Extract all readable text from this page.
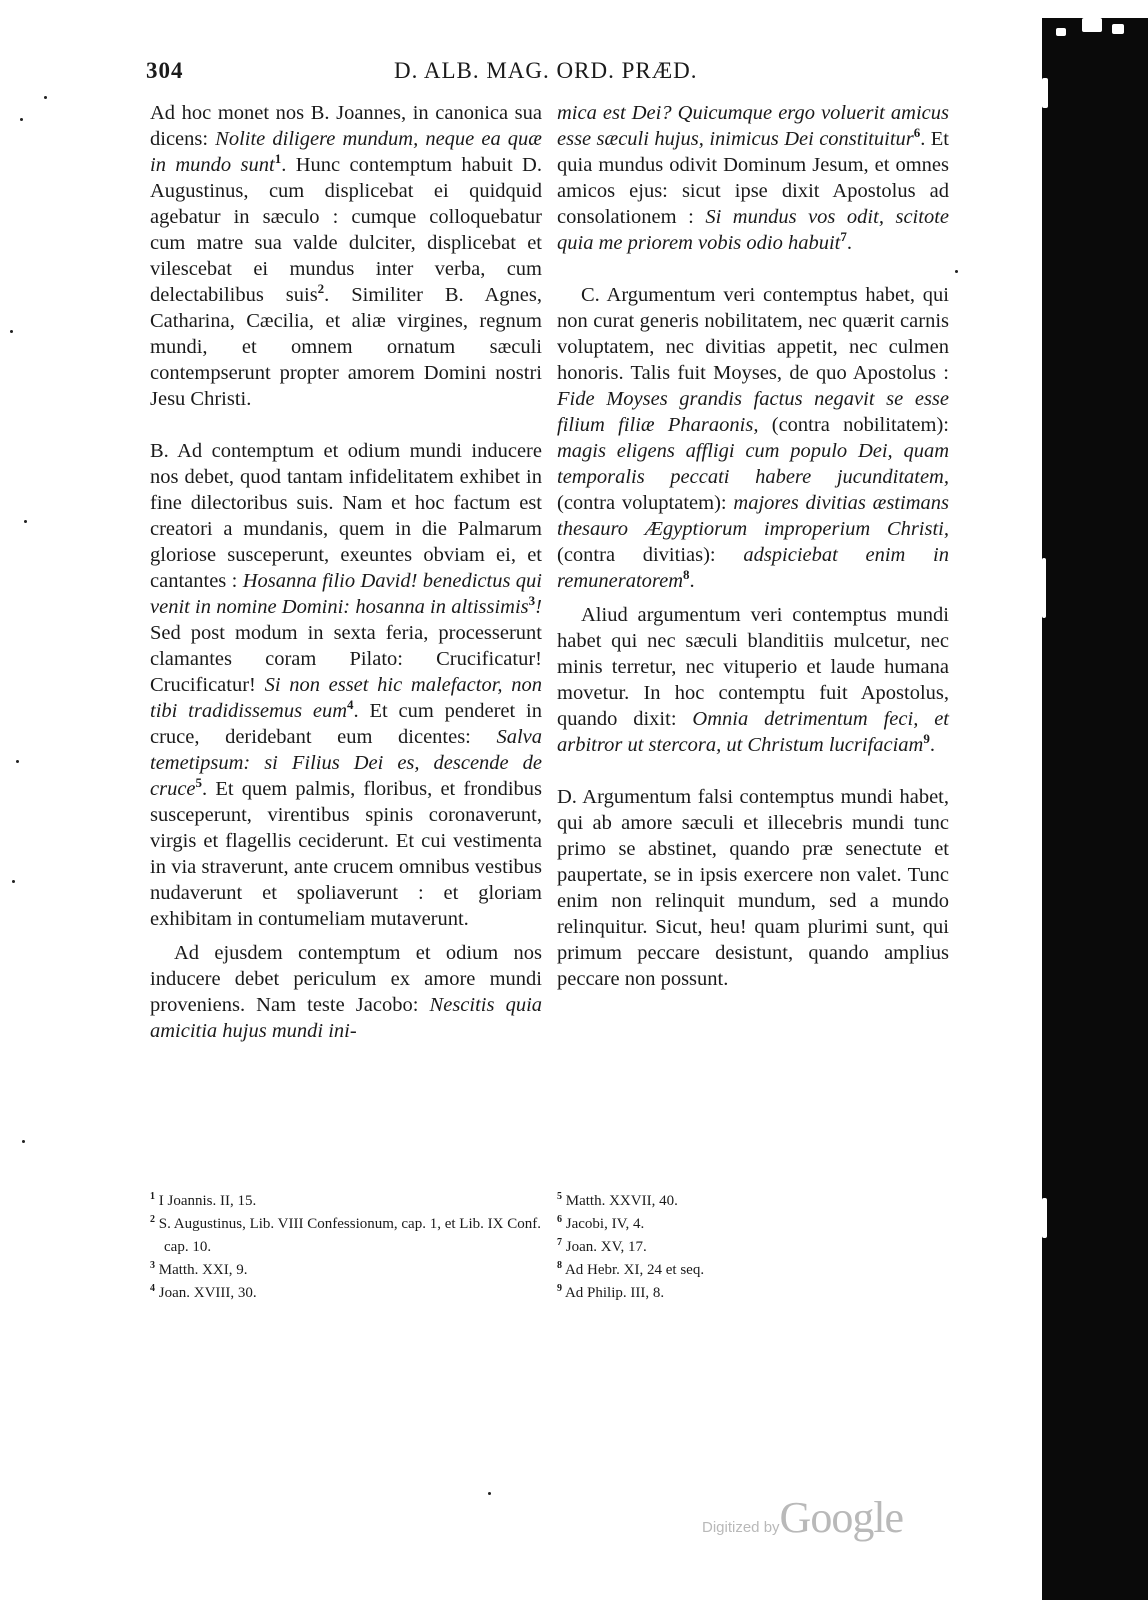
304	D. ALB. MAG. ORD. PRÆD.

Ad hoc monet nos B. Joannes, in canonica sua dicens: Nolite diligere mundum, neque ea quæ in mundo sunt$^1$. Hunc contemptum habuit D. Augustinus, cum displicebat ei quidquid agebatur in sæculo : cumque colloquebatur cum matre sua valde dulciter, displicebat et vilescebat ei mundus inter verba, cum delectabilibus suis$^2$. Similiter B. Agnes, Catharina, Cæcilia, et aliæ virgines, regnum mundi, et omnem ornatum sæculi contempserunt propter amorem Domini nostri Jesu Christi.

B. Ad contemptum et odium mundi inducere nos debet, quod tantam infidelitatem exhibet in fine dilectoribus suis. Nam et hoc factum est creatori a mundanis, quem in die Palmarum gloriose susceperunt, exeuntes obviam ei, et cantantes : Hosanna filio David! benedictus qui venit in nomine Domini: hosanna in altissimis$^3$! Sed post modum in sexta feria, processerunt clamantes coram Pilato: Crucificatur! Crucificatur! Si non esset hic malefactor, non tibi tradidissemus eum$^4$. Et cum penderet in cruce, deridebant eum dicentes: Salva temetipsum: si Filius Dei es, descende de cruce$^5$. Et quem palmis, floribus, et frondibus susceperunt, virentibus spinis coronaverunt, virgis et flagellis ceciderunt. Et cui vestimenta in via straverunt, ante crucem omnibus vestibus nudaverunt et spoliaverunt : et gloriam exhibitam in contumeliam mutaverunt.

Ad ejusdem contemptum et odium nos inducere debet periculum ex amore mundi proveniens. Nam teste Jacobo: Nescitis quia amicitia hujus mundi ini-

mica est Dei? Quicumque ergo voluerit amicus esse sæculi hujus, inimicus Dei constituitur$^6$. Et quia mundus odivit Dominum Jesum, et omnes amicos ejus: sicut ipse dixit Apostolus ad consolationem : Si mundus vos odit, scitote quia me priorem vobis odio habuit$^7$.

C. Argumentum veri contemptus habet, qui non curat generis nobilitatem, nec quærit carnis voluptatem, nec divitias appetit, nec culmen honoris. Talis fuit Moyses, de quo Apostolus : Fide Moyses grandis factus negavit se esse filium filiæ Pharaonis, (contra nobilitatem): magis eligens affligi cum populo Dei, quam temporalis peccati habere jucunditatem, (contra voluptatem): majores divitias æstimans thesauro Ægyptiorum improperium Christi, (contra divitias): adspiciebat enim in remuneratorem$^8$.

Aliud argumentum veri contemptus mundi habet qui nec sæculi blanditiis mulcetur, nec minis terretur, nec vituperio et laude humana movetur. In hoc contemptu fuit Apostolus, quando dixit: Omnia detrimentum feci, et arbitror ut stercora, ut Christum lucrifaciam$^9$.

D. Argumentum falsi contemptus mundi habet, qui ab amore sæculi et illecebris mundi tunc primo se abstinet, quando præ senectute et paupertate, se in ipsis exercere non valet. Tunc enim non relinquit mundum, sed a mundo relinquitur. Sicut, heu! quam plurimi sunt, qui primum peccare desistunt, quando amplius peccare non possunt.

$^1$ I Joannis. II, 15.

$^2$ S. Augustinus, Lib. VIII Confessionum, cap. 1, et Lib. IX Conf. cap. 10.

$^3$ Matth. XXI, 9.

$^4$ Joan. XVIII, 30.

$^5$ Matth. XXVII, 40.

$^6$ Jacobi, IV, 4.

$^7$ Joan. XV, 17.

$^8$ Ad Hebr. XI, 24 et seq.

$^9$ Ad Philip. III, 8.

Digitized byGoogle
